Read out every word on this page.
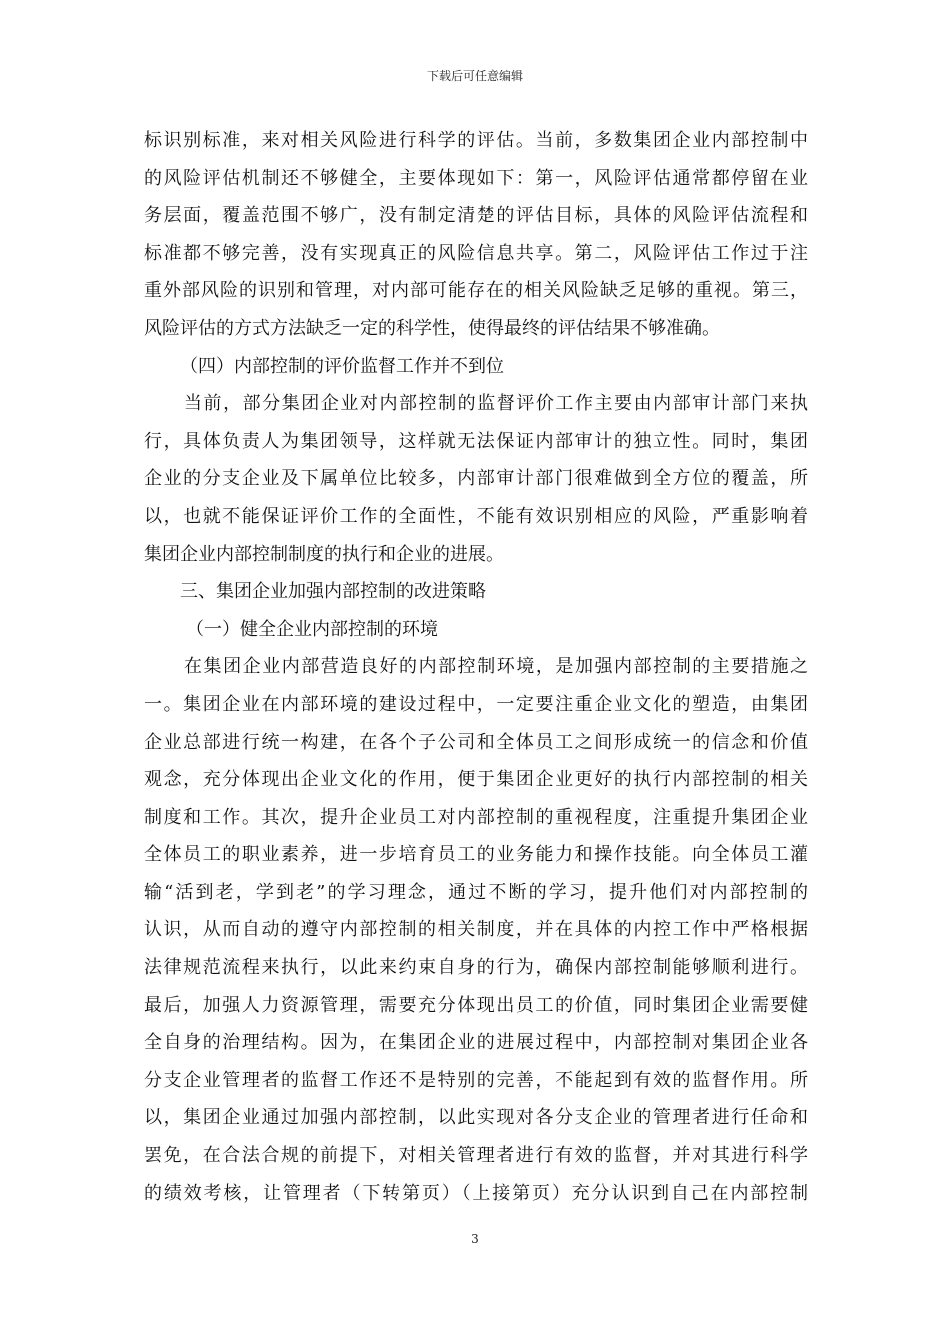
下载后可任意编辑
标识别标准，来对相关风险进行科学的评估。当前，多数集团企业内部控制中
的风险评估机制还不够健全，主要体现如下：第一，风险评估通常都停留在业
务层面，覆盖范围不够广，没有制定清楚的评估目标，具体的风险评估流程和
标准都不够完善，没有实现真正的风险信息共享。第二，风险评估工作过于注
重外部风险的识别和管理，对内部可能存在的相关风险缺乏足够的重视。第三，
风险评估的方式方法缺乏一定的科学性，使得最终的评估结果不够准确。
（四）内部控制的评价监督工作并不到位
当前，部分集团企业对内部控制的监督评价工作主要由内部审计部门来执
行，具体负责人为集团领导，这样就无法保证内部审计的独立性。同时，集团
企业的分支企业及下属单位比较多，内部审计部门很难做到全方位的覆盖，所
以，也就不能保证评价工作的全面性，不能有效识别相应的风险，严重影响着
集团企业内部控制制度的执行和企业的进展。
三、集团企业加强内部控制的改进策略
（一）健全企业内部控制的环境
在集团企业内部营造良好的内部控制环境，是加强内部控制的主要措施之
一。集团企业在内部环境的建设过程中，一定要注重企业文化的塑造，由集团
企业总部进行统一构建，在各个子公司和全体员工之间形成统一的信念和价值
观念，充分体现出企业文化的作用，便于集团企业更好的执行内部控制的相关
制度和工作。其次，提升企业员工对内部控制的重视程度，注重提升集团企业
全体员工的职业素养，进一步培育员工的业务能力和操作技能。向全体员工灌
输“活到老，学到老”的学习理念，通过不断的学习，提升他们对内部控制的
认识，从而自动的遵守内部控制的相关制度，并在具体的内控工作中严格根据
法律规范流程来执行，以此来约束自身的行为，确保内部控制能够顺利进行。
最后，加强人力资源管理，需要充分体现出员工的价值，同时集团企业需要健
全自身的治理结构。因为，在集团企业的进展过程中，内部控制对集团企业各
分支企业管理者的监督工作还不是特别的完善，不能起到有效的监督作用。所
以，集团企业通过加强内部控制，以此实现对各分支企业的管理者进行任命和
罢免，在合法合规的前提下，对相关管理者进行有效的监督，并对其进行科学
的绩效考核，让管理者（下转第页）（上接第页）充分认识到自己在内部控制
3
